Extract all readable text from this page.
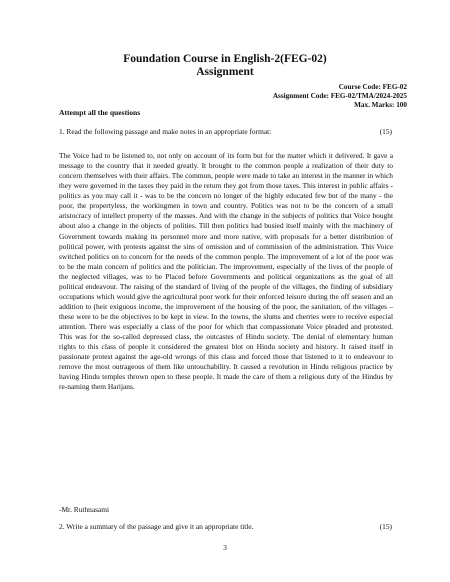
Foundation Course in English-2(FEG-02)
Assignment
Course Code: FEG-02
Assignment Code: FEG-02/TMA/2024-2025
Max. Marks: 100
Attempt all the questions
1. Read the following passage and make notes in an appropriate format:	(15)
The Voice had to be listened to, not only on account of its form but for the matter which it delivered. It gave a message to the country that it needed greatly. It brought to the common people a realization of their duty to concern themselves with their affairs. The common, people were made to take an interest in the manner in which they were governed in the taxes they paid in the return they got from those taxes. This interest in public affairs - politics as you may call it - was to be the concern no longer of the highly educated few but of the many - the poor, the propertyless, the workingmen in town and country. Politics was not to be the concern of a small aristocracy of intellect property of the masses. And with the change in the subjects of politics that Voice bought about also a change in the objects of polities. Till then politics had busied itself mainly with the machinery of Government towards making its personnel more and more native, with proposals for a better distribution of political power, with protests against the sins of omission and of commission of the administration. This Voice switched politics on to concern for the needs of the common people. The improvement of a lot of the poor was to be the main concern of politics and the politician. The improvement, especially of the lives of the people of the neglected villages, was to be Placed before Governments and political organizations as the goal of all political endeavour. The raising of the standard of living of the people of the villages, the finding of subsidiary occupations which would give the agricultural poor work for their enforced leisure during the off season and an addition to (heir exiguous income, the improvement of the housing of the poor, the sanitation, of the villages – these were to be the objectives to be kept in view. In the towns, the slums and cherries were to receive especial attention. There was especially a class of the poor for which that compassionate Voice pleaded and protested. This was for the so-called depressed class, the outcastes of Hindu society. The denial of elementary human rights to this class of people it considered the greatest blot on Hindu society and history. It raised itself in passionate protest against the age-old wrongs of this class and forced those that listened to it to endeavour to remove the most outrageous of them like untouchability. It caused a revolution in Hindu religious practice by having Hindu temples thrown open to these people. It made the care of them a religious duty of the Hindus by re-naming them Harijans.
-Mr. Ruthnasami
2. Write a summary of the passage and give it an appropriate title.	(15)
3
